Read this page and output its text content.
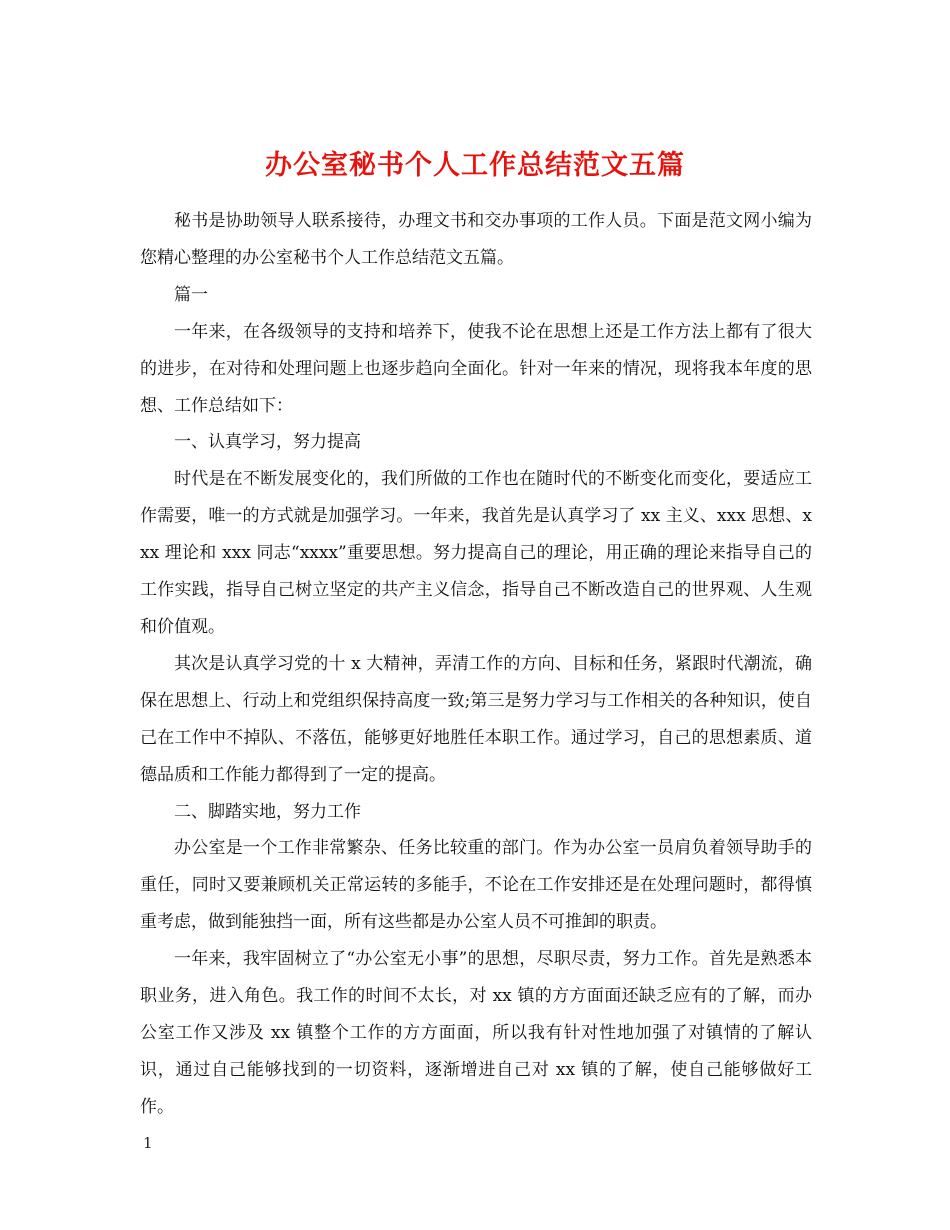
办公室秘书个人工作总结范文五篇

秘书是协助领导人联系接待，办理文书和交办事项的工作人员。下面是范文网小编为您精心整理的办公室秘书个人工作总结范文五篇。

篇一

一年来，在各级领导的支持和培养下，使我不论在思想上还是工作方法上都有了很大的进步，在对待和处理问题上也逐步趋向全面化。针对一年来的情况，现将我本年度的思想、工作总结如下：

一、认真学习，努力提高

时代是在不断发展变化的，我们所做的工作也在随时代的不断变化而变化，要适应工作需要，唯一的方式就是加强学习。一年来，我首先是认真学习了 xx 主义、xxx 思想、xxx 理论和 xxx 同志“xxxx”重要思想。努力提高自己的理论，用正确的理论来指导自己的工作实践，指导自己树立坚定的共产主义信念，指导自己不断改造自己的世界观、人生观和价值观。

其次是认真学习党的十 x 大精神，弄清工作的方向、目标和任务，紧跟时代潮流，确保在思想上、行动上和党组织保持高度一致;第三是努力学习与工作相关的各种知识，使自己在工作中不掉队、不落伍，能够更好地胜任本职工作。通过学习，自己的思想素质、道德品质和工作能力都得到了一定的提高。

二、脚踏实地，努力工作

办公室是一个工作非常繁杂、任务比较重的部门。作为办公室一员肩负着领导助手的重任，同时又要兼顾机关正常运转的多能手，不论在工作安排还是在处理问题时，都得慎重考虑，做到能独挡一面，所有这些都是办公室人员不可推卸的职责。

一年来，我牢固树立了“办公室无小事”的思想，尽职尽责，努力工作。首先是熟悉本职业务，进入角色。我工作的时间不太长，对 xx 镇的方方面面还缺乏应有的了解，而办公室工作又涉及 xx 镇整个工作的方方面面，所以我有针对性地加强了对镇情的了解认识，通过自己能够找到的一切资料，逐渐增进自己对 xx 镇的了解，使自己能够做好工作。

1
